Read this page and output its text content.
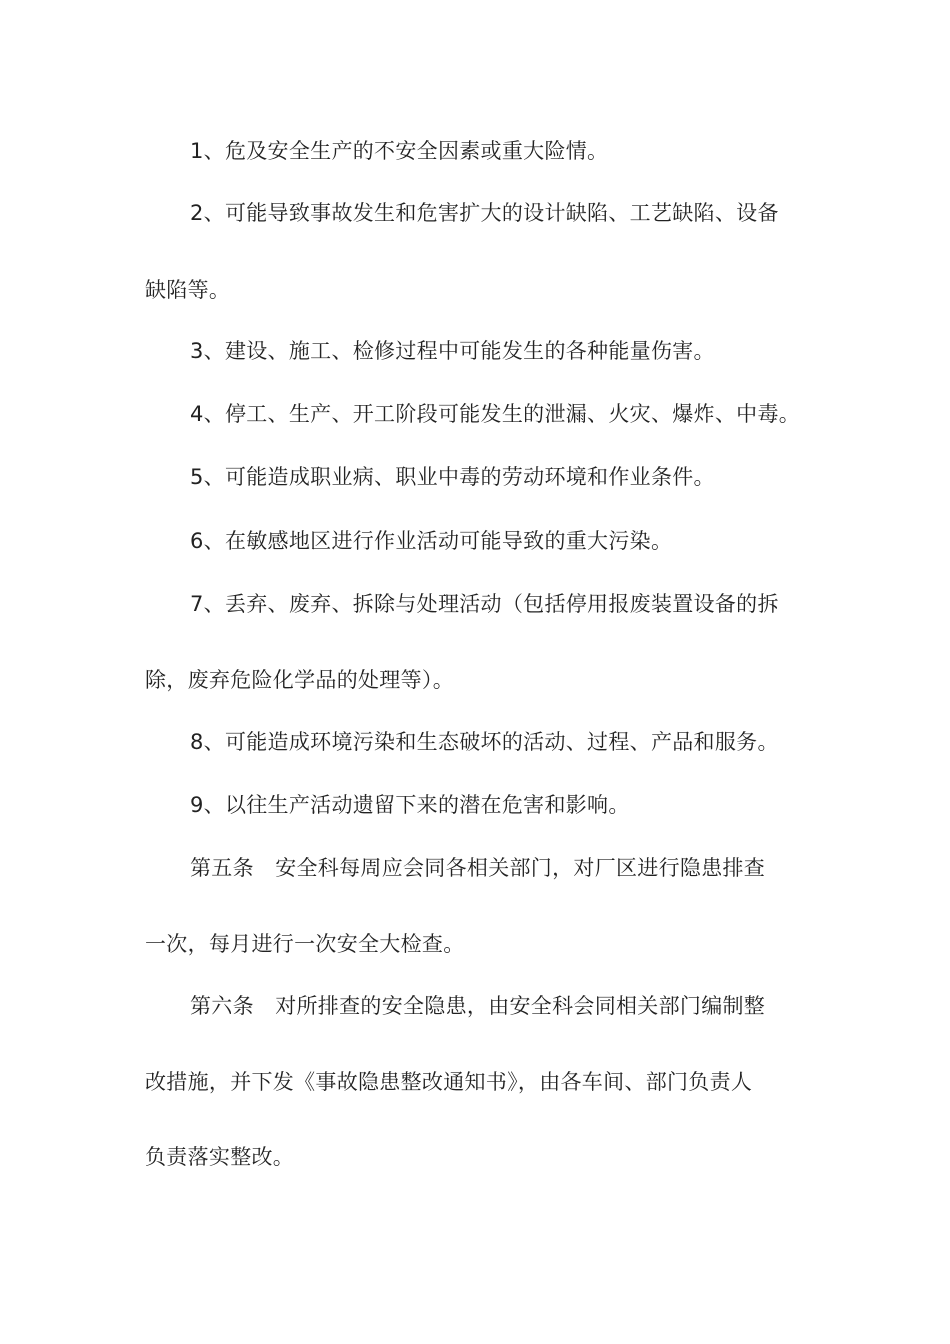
1、危及安全生产的不安全因素或重大险情。
2、可能导致事故发生和危害扩大的设计缺陷、工艺缺陷、设备
缺陷等。
3、建设、施工、检修过程中可能发生的各种能量伤害。
4、停工、生产、开工阶段可能发生的泄漏、火灾、爆炸、中毒。
5、可能造成职业病、职业中毒的劳动环境和作业条件。
6、在敏感地区进行作业活动可能导致的重大污染。
7、丢弃、废弃、拆除与处理活动（包括停用报废装置设备的拆
除，废弃危险化学品的处理等）。
8、可能造成环境污染和生态破坏的活动、过程、产品和服务。
9、以往生产活动遗留下来的潜在危害和影响。
第五条　安全科每周应会同各相关部门，对厂区进行隐患排查
一次，每月进行一次安全大检查。
第六条　对所排查的安全隐患，由安全科会同相关部门编制整
改措施，并下发《事故隐患整改通知书》，由各车间、部门负责人
负责落实整改。
